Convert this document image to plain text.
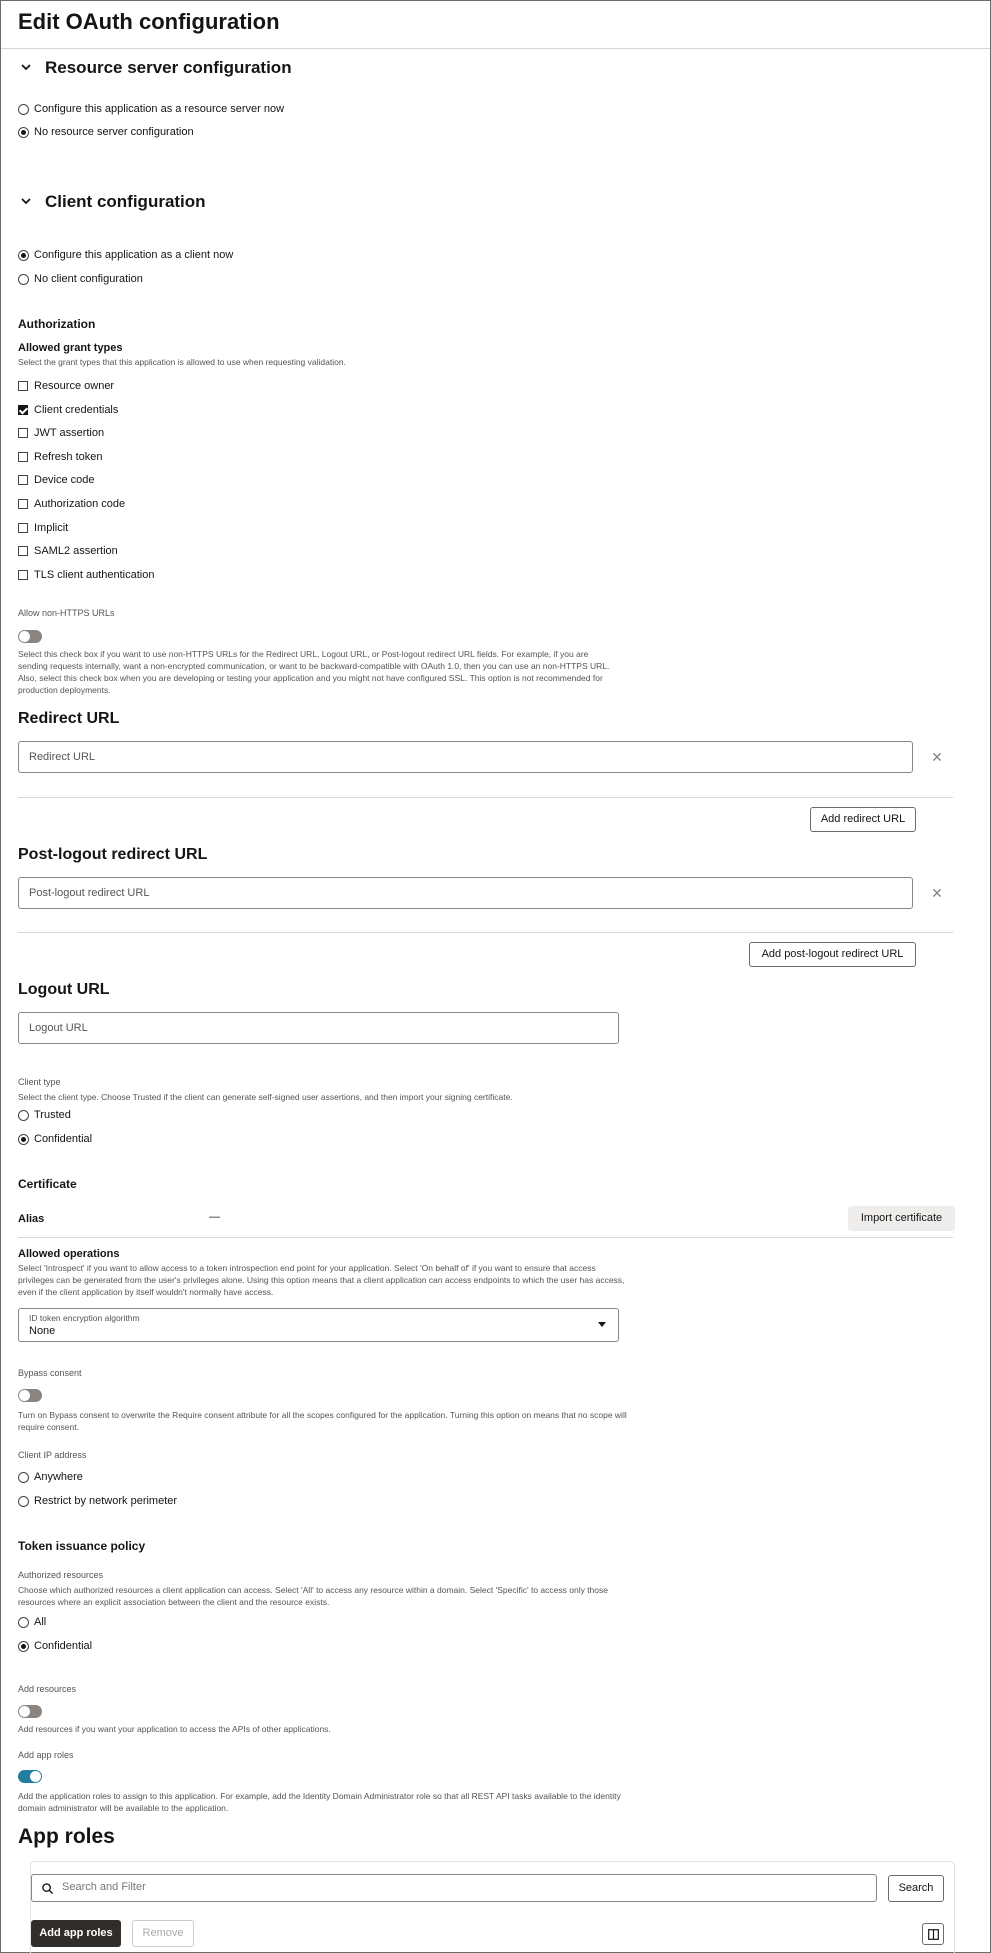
Edit OAuth configuration
Resource server configuration
Configure this application as a resource server now
No resource server configuration
Client configuration
Configure this application as a client now
No client configuration
Authorization
Allowed grant types
Select the grant types that this application is allowed to use when requesting validation.
Resource owner
Client credentials
JWT assertion
Refresh token
Device code
Authorization code
Implicit
SAML2 assertion
TLS client authentication
Allow non-HTTPS URLs
Select this check box if you want to use non-HTTPS URLs for the Redirect URL, Logout URL, or Post-logout redirect URL fields. For example, if you are sending requests internally, want a non-encrypted communication, or want to be backward-compatible with OAuth 1.0, then you can use an non-HTTPS URL. Also, select this check box when you are developing or testing your application and you might not have configured SSL. This option is not recommended for production deployments.
Redirect URL
Redirect URL	✕
Add redirect URL
Post-logout redirect URL
Post-logout redirect URL	✕
Add post-logout redirect URL
Logout URL
Logout URL
Client type
Select the client type. Choose Trusted if the client can generate self-signed user assertions, and then import your signing certificate.
Trusted
Confidential
Certificate
Alias	—	Import certificate
Allowed operations
Select 'Introspect' if you want to allow access to a token introspection end point for your application. Select 'On behalf of' if you want to ensure that access privileges can be generated from the user's privileges alone. Using this option means that a client application can access endpoints to which the user has access, even if the client application by itself wouldn't normally have access.
ID token encryption algorithm
None
Bypass consent
Turn on Bypass consent to overwrite the Require consent attribute for all the scopes configured for the application. Turning this option on means that no scope will require consent.
Client IP address
Anywhere
Restrict by network perimeter
Token issuance policy
Authorized resources
Choose which authorized resources a client application can access. Select 'All' to access any resource within a domain. Select 'Specific' to access only those resources where an explicit association between the client and the resource exists.
All
Confidential
Add resources
Add resources if you want your application to access the APIs of other applications.
Add app roles
Add the application roles to assign to this application. For example, add the Identity Domain Administrator role so that all REST API tasks available to the identity domain administrator will be available to the application.
App roles
Search and Filter	Search
Add app roles	Remove
